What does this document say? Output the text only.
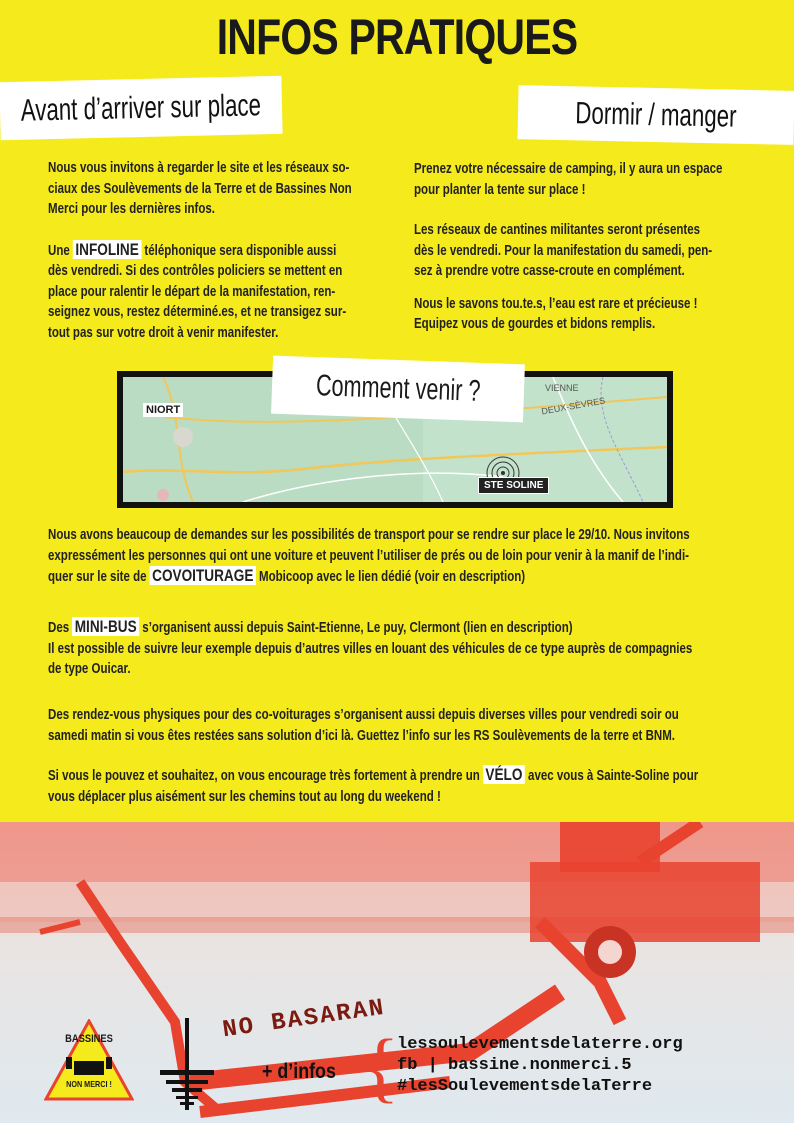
INFOS PRATIQUES
Avant d’arriver sur place	Dormir / manger
Nous vous invitons à regarder le site et les réseaux so-
ciaux des Soulèvements de la Terre et de Bassines Non
Merci pour les dernières infos.
Une INFOLINE téléphonique sera disponible aussi
dès vendredi. Si des contrôles policiers se mettent en
place pour ralentir le départ de la manifestation, ren-
seignez vous, restez déterminé.es, et ne transigez sur-
tout pas sur votre droit à venir manifester.
Prenez votre nécessaire de camping, il y aura un espace
pour planter la tente sur place !
Les réseaux de cantines militantes seront présentes
dès le vendredi. Pour la manifestation du samedi, pen-
sez à prendre votre casse-croute en complément.
Nous le savons tou.te.s, l’eau est rare et précieuse !
Equipez vous de gourdes et bidons remplis.
Comment venir ?
NIORT
VIENNE
DEUX-SÈVRES
STE SOLINE
Nous avons beaucoup de demandes sur les possibilités de transport pour se rendre sur place le 29/10. Nous invitons
expressément les personnes qui ont une voiture et peuvent l’utiliser de prés ou de loin pour venir à la manif de l’indi-
quer sur le site de COVOITURAGE Mobicoop avec le lien dédié (voir en description)
Des MINI-BUS s’organisent aussi depuis Saint-Etienne, Le puy, Clermont (lien en description)
Il est possible de suivre leur exemple depuis d’autres villes en louant des véhicules de ce type auprès de compagnies
de type Ouicar.
Des rendez-vous physiques pour des co-voiturages s’organisent aussi depuis diverses villes pour vendredi soir ou
samedi matin si vous êtes restées sans solution d’ici là. Guettez l’info sur les RS Soulèvements de la terre et BNM.
Si vous le pouvez et souhaitez, on vous encourage très fortement à prendre un VÉLO avec vous à Sainte-Soline pour
vous déplacer plus aisément sur les chemins tout au long du weekend !
NO BASARAN
BASSINES
NON MERCI !
+ d’infos {
lessoulevementsdelaterre.org
fb | bassine.nonmerci.5
#lesSoulevementsdelaTerre
